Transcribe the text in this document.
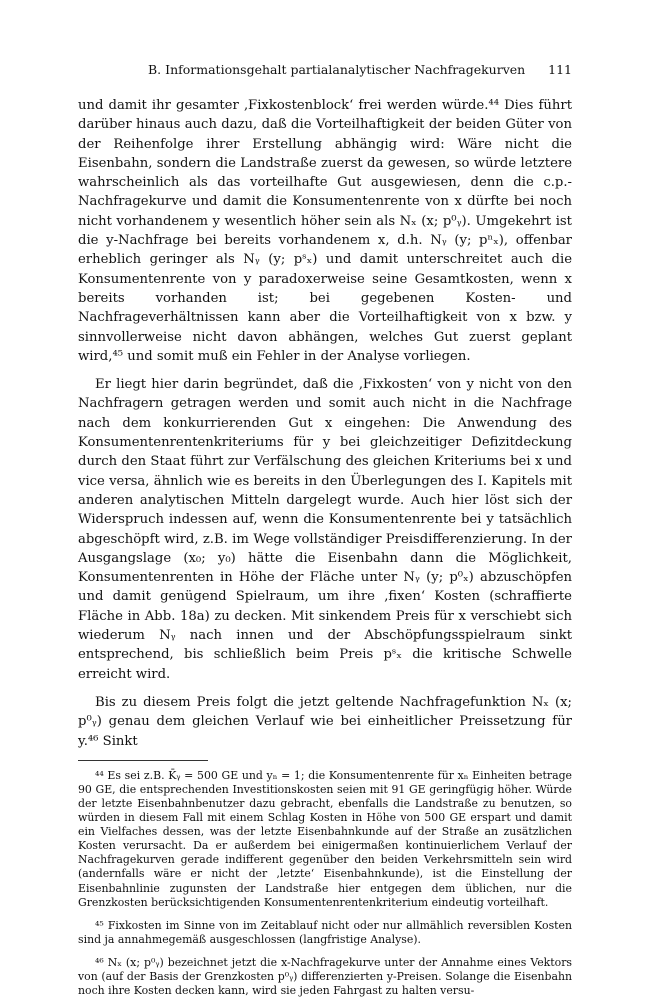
B. Informationsgehalt partialanalytischer Nachfragekurven 111

und damit ihr gesamter ‚Fixkostenblock‘ frei werden würde.⁴⁴ Dies führt darüber hinaus auch dazu, daß die Vorteilhaftigkeit der beiden Güter von der Reihenfolge ihrer Erstellung abhängig wird: Wäre nicht die Eisenbahn, sondern die Landstraße zuerst da gewesen, so würde letztere wahrscheinlich als das vorteilhafte Gut ausgewiesen, denn die c.p.-Nachfragekurve und damit die Konsumentenrente von x dürfte bei noch nicht vorhandenem y wesentlich höher sein als Nₓ (x; p⁰ᵧ). Umgekehrt ist die y-Nachfrage bei bereits vorhandenem x, d.h. Nᵧ (y; pⁿₓ), offenbar erheblich geringer als Nᵧ (y; pˢₓ) und damit unterschreitet auch die Konsumentenrente von y paradoxerweise seine Gesamtkosten, wenn x bereits vorhanden ist; bei gegebenen Kosten- und Nachfrageverhältnissen kann aber die Vorteilhaftigkeit von x bzw. y sinnvollerweise nicht davon abhängen, welches Gut zuerst geplant wird,⁴⁵ und somit muß ein Fehler in der Analyse vorliegen.

Er liegt hier darin begründet, daß die ‚Fixkosten‘ von y nicht von den Nachfragern getragen werden und somit auch nicht in die Nachfrage nach dem konkurrierenden Gut x eingehen: Die Anwendung des Konsumentenrentenkriteriums für y bei gleichzeitiger Defizitdeckung durch den Staat führt zur Verfälschung des gleichen Kriteriums bei x und vice versa, ähnlich wie es bereits in den Überlegungen des I. Kapitels mit anderen analytischen Mitteln dargelegt wurde. Auch hier löst sich der Widerspruch indessen auf, wenn die Konsumentenrente bei y tatsächlich abgeschöpft wird, z.B. im Wege vollständiger Preisdifferenzierung. In der Ausgangslage (x₀; y₀) hätte die Eisenbahn dann die Möglichkeit, Konsumentenrenten in Höhe der Fläche unter Nᵧ (y; p⁰ₓ) abzuschöpfen und damit genügend Spielraum, um ihre ‚fixen‘ Kosten (schraffierte Fläche in Abb. 18a) zu decken. Mit sinkendem Preis für x verschiebt sich wiederum Nᵧ nach innen und der Abschöpfungsspielraum sinkt entsprechend, bis schließlich beim Preis pˢₓ die kritische Schwelle erreicht wird.

Bis zu diesem Preis folgt die jetzt geltende Nachfragefunktion Nₓ (x; p⁰ᵧ) genau dem gleichen Verlauf wie bei einheitlicher Preissetzung für y.⁴⁶ Sinkt

⁴⁴ Es sei z.B. K̄ᵧ = 500 GE und yₙ = 1; die Konsumentenrente für xₙ Einheiten betrage 90 GE, die entsprechenden Investitionskosten seien mit 91 GE geringfügig höher. Würde der letzte Eisenbahnbenutzer dazu gebracht, ebenfalls die Landstraße zu benutzen, so würden in diesem Fall mit einem Schlag Kosten in Höhe von 500 GE erspart und damit ein Vielfaches dessen, was der letzte Eisenbahnkunde auf der Straße an zusätzlichen Kosten verursacht. Da er außerdem bei einigermaßen kontinuierlichem Verlauf der Nachfragekurven gerade indifferent gegenüber den beiden Verkehrsmitteln sein wird (andernfalls wäre er nicht der ‚letzte‘ Eisenbahnkunde), ist die Einstellung der Eisenbahnlinie zugunsten der Landstraße hier entgegen dem üblichen, nur die Grenzkosten berücksichtigenden Konsumentenrentenkriterium eindeutig vorteilhaft.

⁴⁵ Fixkosten im Sinne von im Zeitablauf nicht oder nur allmählich reversiblen Kosten sind ja annahmegemäß ausgeschlossen (langfristige Analyse).

⁴⁶ Nₓ (x; p⁰ᵧ) bezeichnet jetzt die x-Nachfragekurve unter der Annahme eines Vektors von (auf der Basis der Grenzkosten p⁰ᵧ) differenzierten y-Preisen. Solange die Eisenbahn noch ihre Kosten decken kann, wird sie jeden Fahrgast zu halten versu-
